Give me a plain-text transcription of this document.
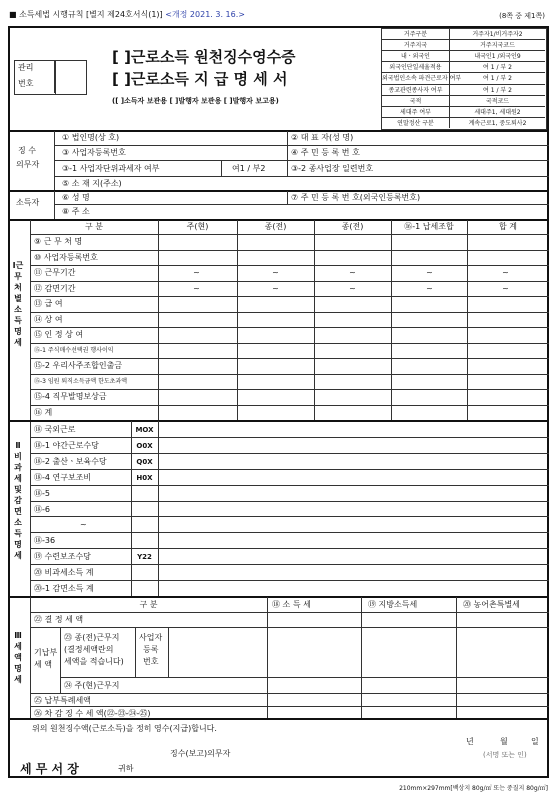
■ 소득세법 시행규칙 [별지 제24호서식(1)] <개정 2021. 3. 16.>	(8쪽 중 제1쪽)
관리
번호
[ ]근로소득 원천징수영수증
[ ]근로소득 지 급 명 세 서
([ ]소득자 보관용 [ ]발행자 보관용 [ ]발행자 보고용)
거주구분	거주자1/비거주자2
거주지국	거주지국코드
내ㆍ외국인	내국인1 /외국인9
외국인단일세율적용	여 1 / 부 2
외국법인소속 파견근로자 여부	여 1 / 부 2
종교관련종사자 여부	여 1 / 부 2
국적	국적코드
세대주 여부	세대주1, 세대원2
연말정산 구분	계속근로1, 중도퇴사2
징 수
의무자
① 법인명(상 호)	② 대 표 자(성 명)
③ 사업자등록번호	④ 주 민 등 록 번 호
③-1 사업자단위과세자 여부	여1 / 부2	③-2 종사업장 일련번호
⑤ 소 재 지(주소)
소득자
⑥ 성 명	⑦ 주 민 등 록 번 호(외국인등록번호)
⑧ 주 소
구 분	주(현)	종(전)	종(전)	⑯-1 납세조합	합 계
Ⅰ근무처별소득명세
⑨ 근 무 처 명
⑩ 사업자등록번호
⑪ 근무기간	~	~	~	~	~
⑫ 감면기간	~	~	~	~	~
⑬ 급 여
⑭ 상 여
⑮ 인 정 상 여
⑮-1 주식매수선택권 행사이익
⑮-2 우리사주조합인출금
⑮-3 임원 퇴직소득금액 한도초과액
⑮-4 직무발명보상금
⑯ 계
Ⅱ비과세및감면소득명세
⑱ 국외근로	MOX
⑱-1 야간근로수당	O0X
⑱-2 출산ㆍ보육수당	Q0X
⑱-4 연구보조비	H0X
⑱-5
⑱-6
~
⑱-36
⑲ 수련보조수당	Y22
⑳ 비과세소득 계
⑳-1 감면소득 계
구 분	⑱ 소 득 세	⑲ 지방소득세	⑳ 농어촌특별세
㉒ 결 정 세 액
기납부
세 액
㉓ 종(전)근무지
(결정세액란의
세액을 적습니다)
사업자
등록
번호
㉔ 주(현)근무지
㉕ 납부특례세액
㉖ 차 감 징 수 세 액(㉒-㉓-㉔-㉕)
Ⅲ세액명세
위의 원천징수액(근로소득)을 정히 영수(지급)합니다.
년	월	일
징수(보고)의무자	(서명 또는 인)
세 무 서 장	귀하
210mm×297mm[백상지 80g/㎡ 또는 중질지 80g/㎡]
